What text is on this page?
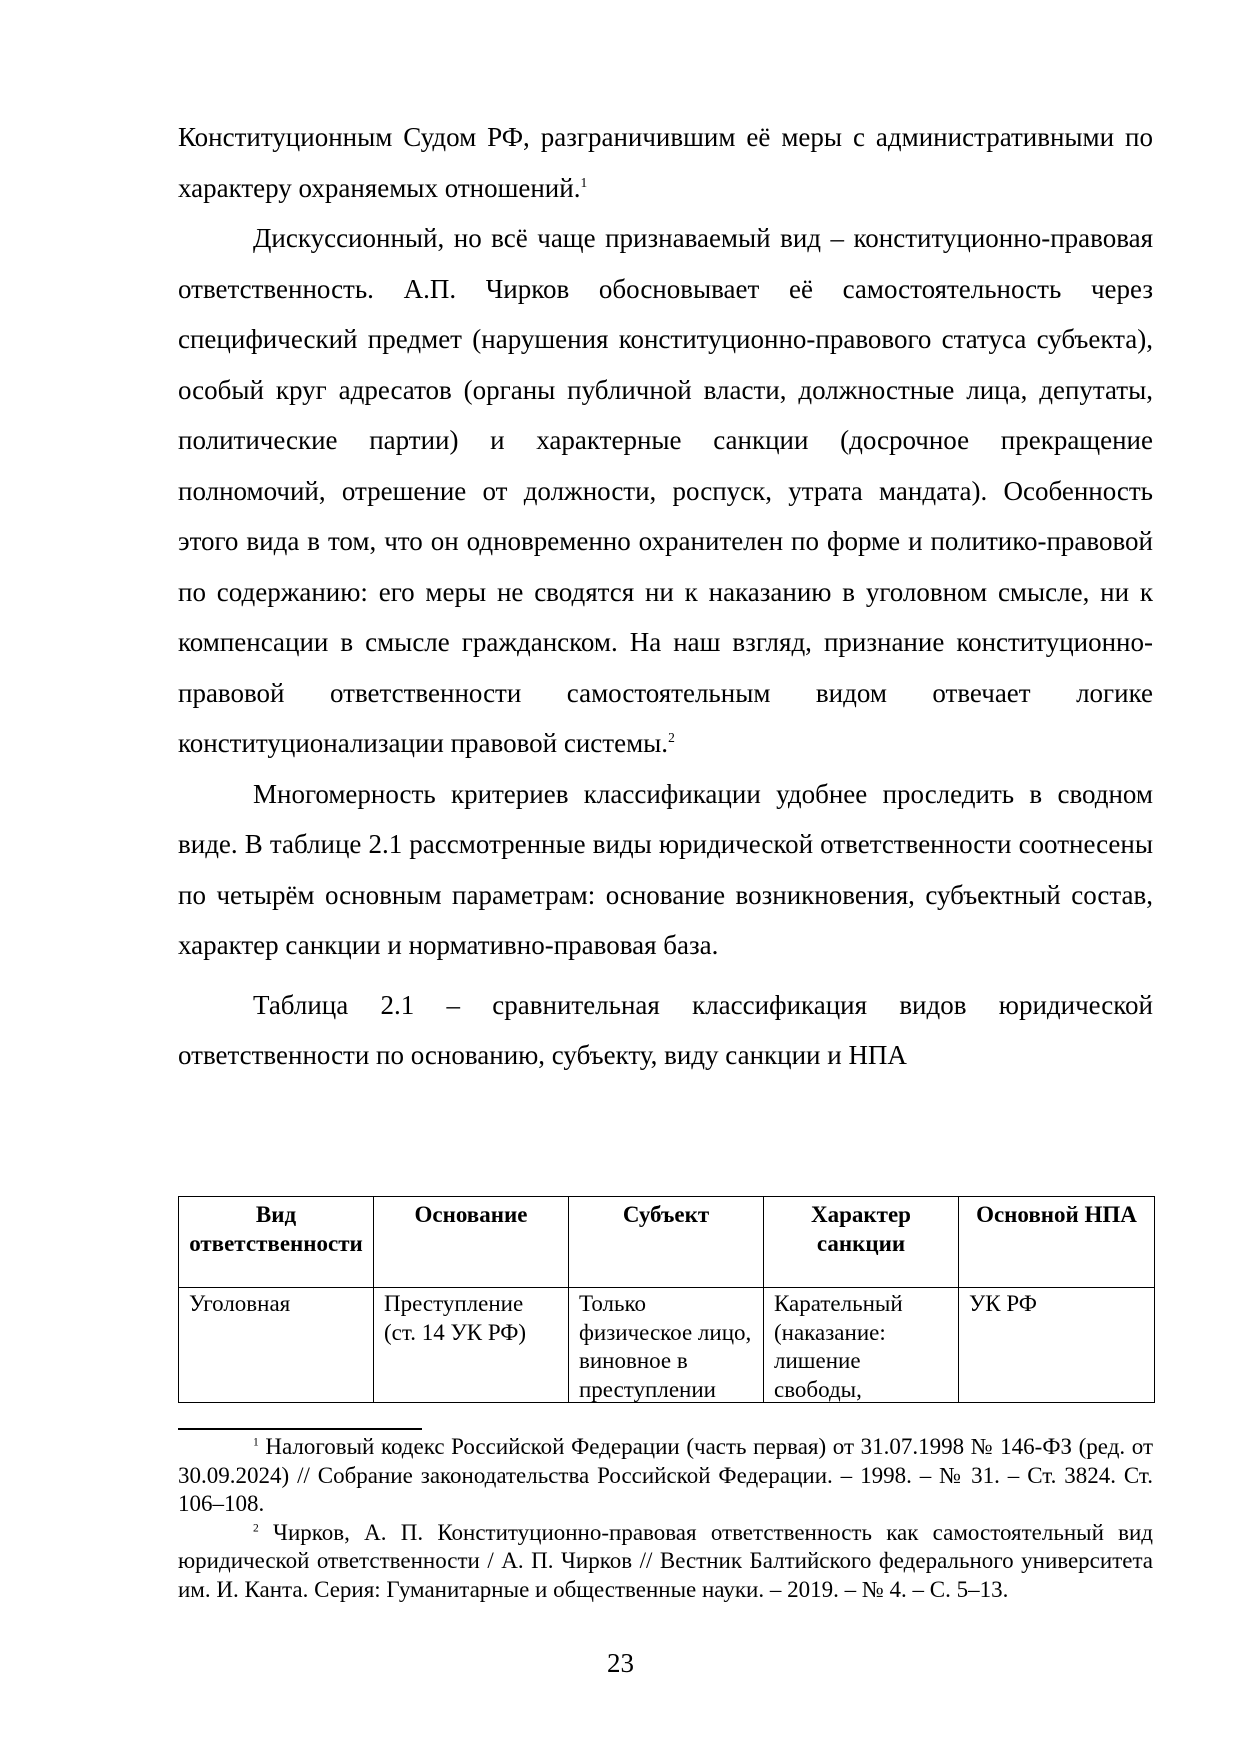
Конституционным Судом РФ, разграничившим её меры с административными по характеру охраняемых отношений.$^1$

Дискуссионный, но всё чаще признаваемый вид – конституционно-правовая ответственность. А.П. Чирков обосновывает её самостоятельность через специфический предмет (нарушения конституционно-правового статуса субъекта), особый круг адресатов (органы публичной власти, должностные лица, депутаты, политические партии) и характерные санкции (досрочное прекращение полномочий, отрешение от должности, роспуск, утрата мандата). Особенность этого вида в том, что он одновременно охранителен по форме и политико-правовой по содержанию: его меры не сводятся ни к наказанию в уголовном смысле, ни к компенсации в смысле гражданском. На наш взгляд, признание конституционно-правовой ответственности самостоятельным видом отвечает логике конституционализации правовой системы.$^2$

Многомерность критериев классификации удобнее проследить в сводном виде. В таблице 2.1 рассмотренные виды юридической ответственности соотнесены по четырём основным параметрам: основание возникновения, субъектный состав, характер санкции и нормативно-правовая база.

Таблица 2.1 – сравнительная классификация видов юридической ответственности по основанию, субъекту, виду санкции и НПА

Вид ответственности	Основание	Субъект	Характер санкции	Основной НПА

Уголовная	Преступление (ст. 14 УК РФ)	Только физическое лицо, виновное в преступлении	Карательный (наказание: лишение свободы,	УК РФ

$^1$ Налоговый кодекс Российской Федерации (часть первая) от 31.07.1998 № 146-ФЗ (ред. от 30.09.2024) // Собрание законодательства Российской Федерации. – 1998. – № 31. – Ст. 3824. Ст. 106–108.

$^2$ Чирков, А. П. Конституционно-правовая ответственность как самостоятельный вид юридической ответственности / А. П. Чирков // Вестник Балтийского федерального университета им. И. Канта. Серия: Гуманитарные и общественные науки. – 2019. – № 4. – С. 5–13.

23
